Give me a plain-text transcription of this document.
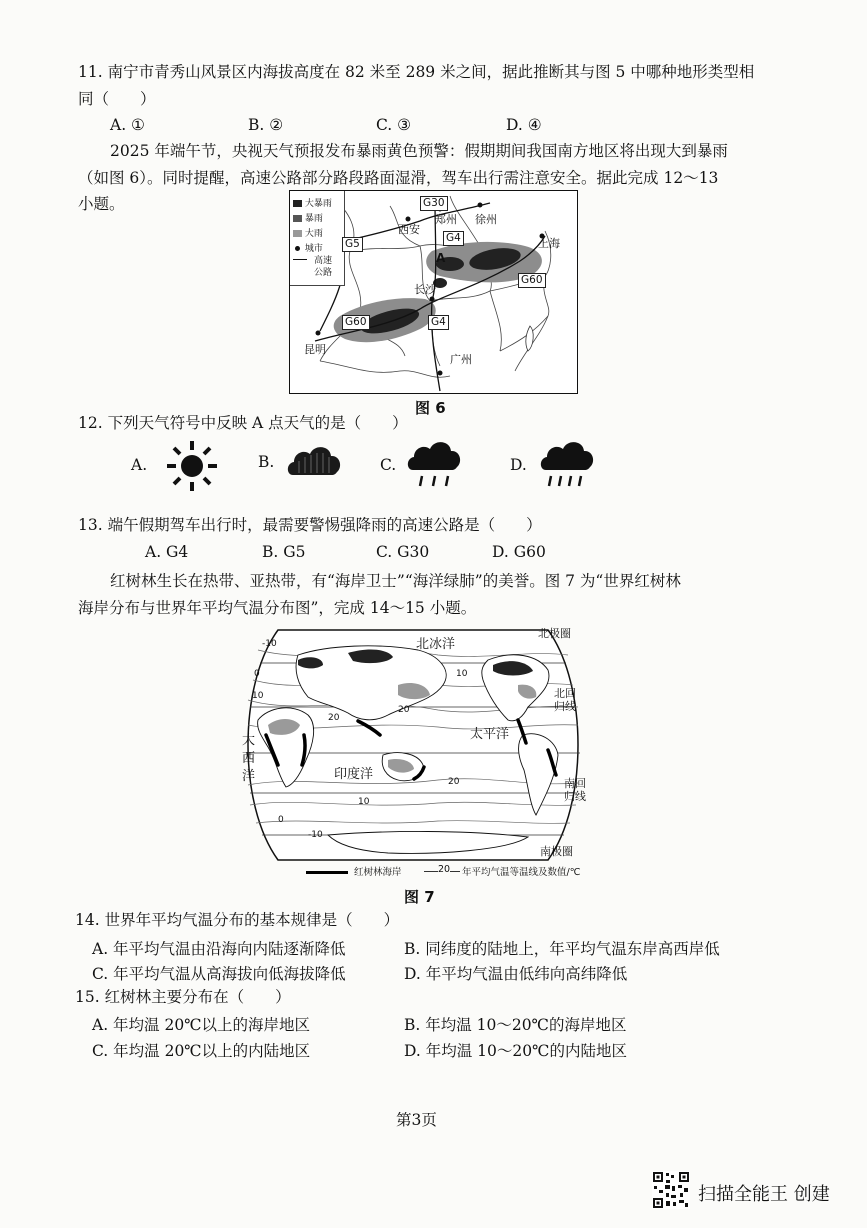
11. 南宁市青秀山风景区内海拔高度在 82 米至 289 米之间，据此推断其与图 5 中哪种地形类型相
同（　　）
A. ①	B. ②	C. ③	D. ④
2025 年端午节，央视天气预报发布暴雨黄色预警：假期期间我国南方地区将出现大到暴雨
（如图 6）。同时提醒，高速公路部分路段路面湿滑，驾车出行需注意安全。据此完成 12～13
小题。	大暴雨
暴雨
大雨
城市
高速
公路
西安
郑州 徐州
上海
长沙
昆明
广州
G30
G5	G4
G60
G60	G4
A
图 6
12. 下列天气符号中反映 A 点天气的是（　　）
A.	B.	C.	D.
13. 端午假期驾车出行时，最需要警惕强降雨的高速公路是（　　）
A. G4	B. G5	C. G30	D. G60
红树林生长在热带、亚热带，有“海岸卫士”“海洋绿肺”的美誉。图 7 为“世界红树林
海岸分布与世界年平均气温分布图”，完成 14～15 小题。
北冰洋
北极圈
北回
归线
太平洋
大
西
洋	印度洋
南回
归线
南极圈
-10
0
10
20
20
20
10
0
-10
10
红树林海岸	20 年平均气温等温线及数值/℃
图 7
14. 世界年平均气温分布的基本规律是（　　）
A. 年平均气温由沿海向内陆逐渐降低	B. 同纬度的陆地上，年平均气温东岸高西岸低
C. 年平均气温从高海拔向低海拔降低	D. 年平均气温由低纬向高纬降低
15. 红树林主要分布在（　　）
A. 年均温 20℃以上的海岸地区	B. 年均温 10～20℃的海岸地区
C. 年均温 20℃以上的内陆地区	D. 年均温 10～20℃的内陆地区
第3页
扫描全能王 创建
